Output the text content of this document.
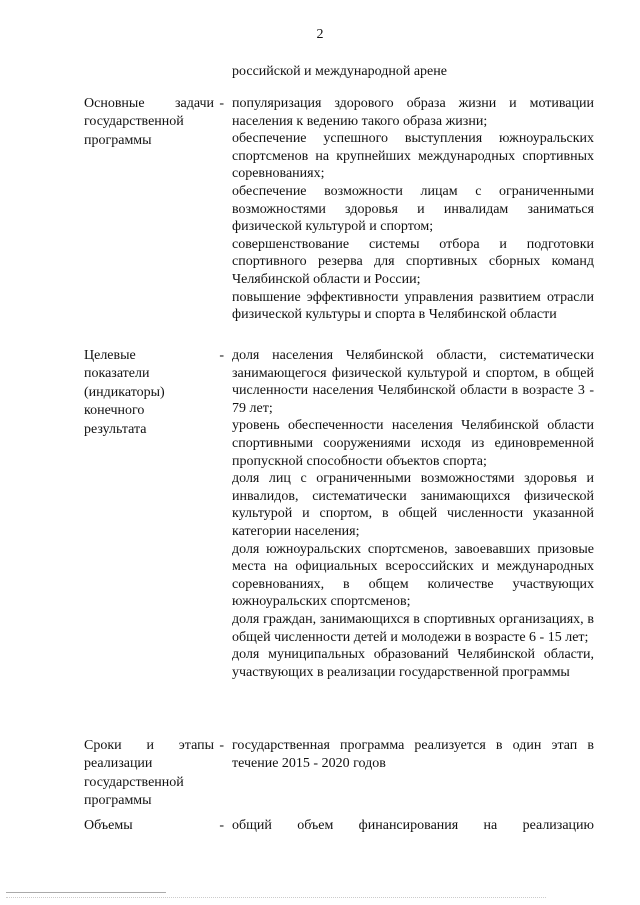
2
российской и международной арене
Основные задачи
государственной
программы
- популяризация здорового образа жизни и мотивации населения к ведению такого образа жизни;
обеспечение успешного выступления южноуральских спортсменов на крупнейших международных спортивных соревнованиях;
обеспечение возможности лицам с ограниченными возможностями здоровья и инвалидам заниматься физической культурой и спортом;
совершенствование системы отбора и подготовки спортивного резерва для спортивных сборных команд Челябинской области и России;
повышение эффективности управления развитием отрасли физической культуры и спорта в Челябинской области
Целевые
показатели
(индикаторы)
конечного
результата
- доля населения Челябинской области, систематически занимающегося физической культурой и спортом, в общей численности населения Челябинской области в возрасте 3 - 79 лет;
уровень обеспеченности населения Челябинской области спортивными сооружениями исходя из единовременной пропускной способности объектов спорта;
доля лиц с ограниченными возможностями здоровья и инвалидов, систематически занимающихся физической культурой и спортом, в общей численности указанной категории населения;
доля южноуральских спортсменов, завоевавших призовые места на официальных всероссийских и международных соревнованиях, в общем количестве участвующих южноуральских спортсменов;
доля граждан, занимающихся в спортивных организациях, в общей численности детей и молодежи в возрасте 6 - 15 лет;
доля муниципальных образований Челябинской области, участвующих в реализации государственной программы
Сроки и этапы
реализации
государственной
программы
- государственная программа реализуется в один этап в течение 2015 - 2020 годов
Объемы	- общий объем финансирования на реализацию
